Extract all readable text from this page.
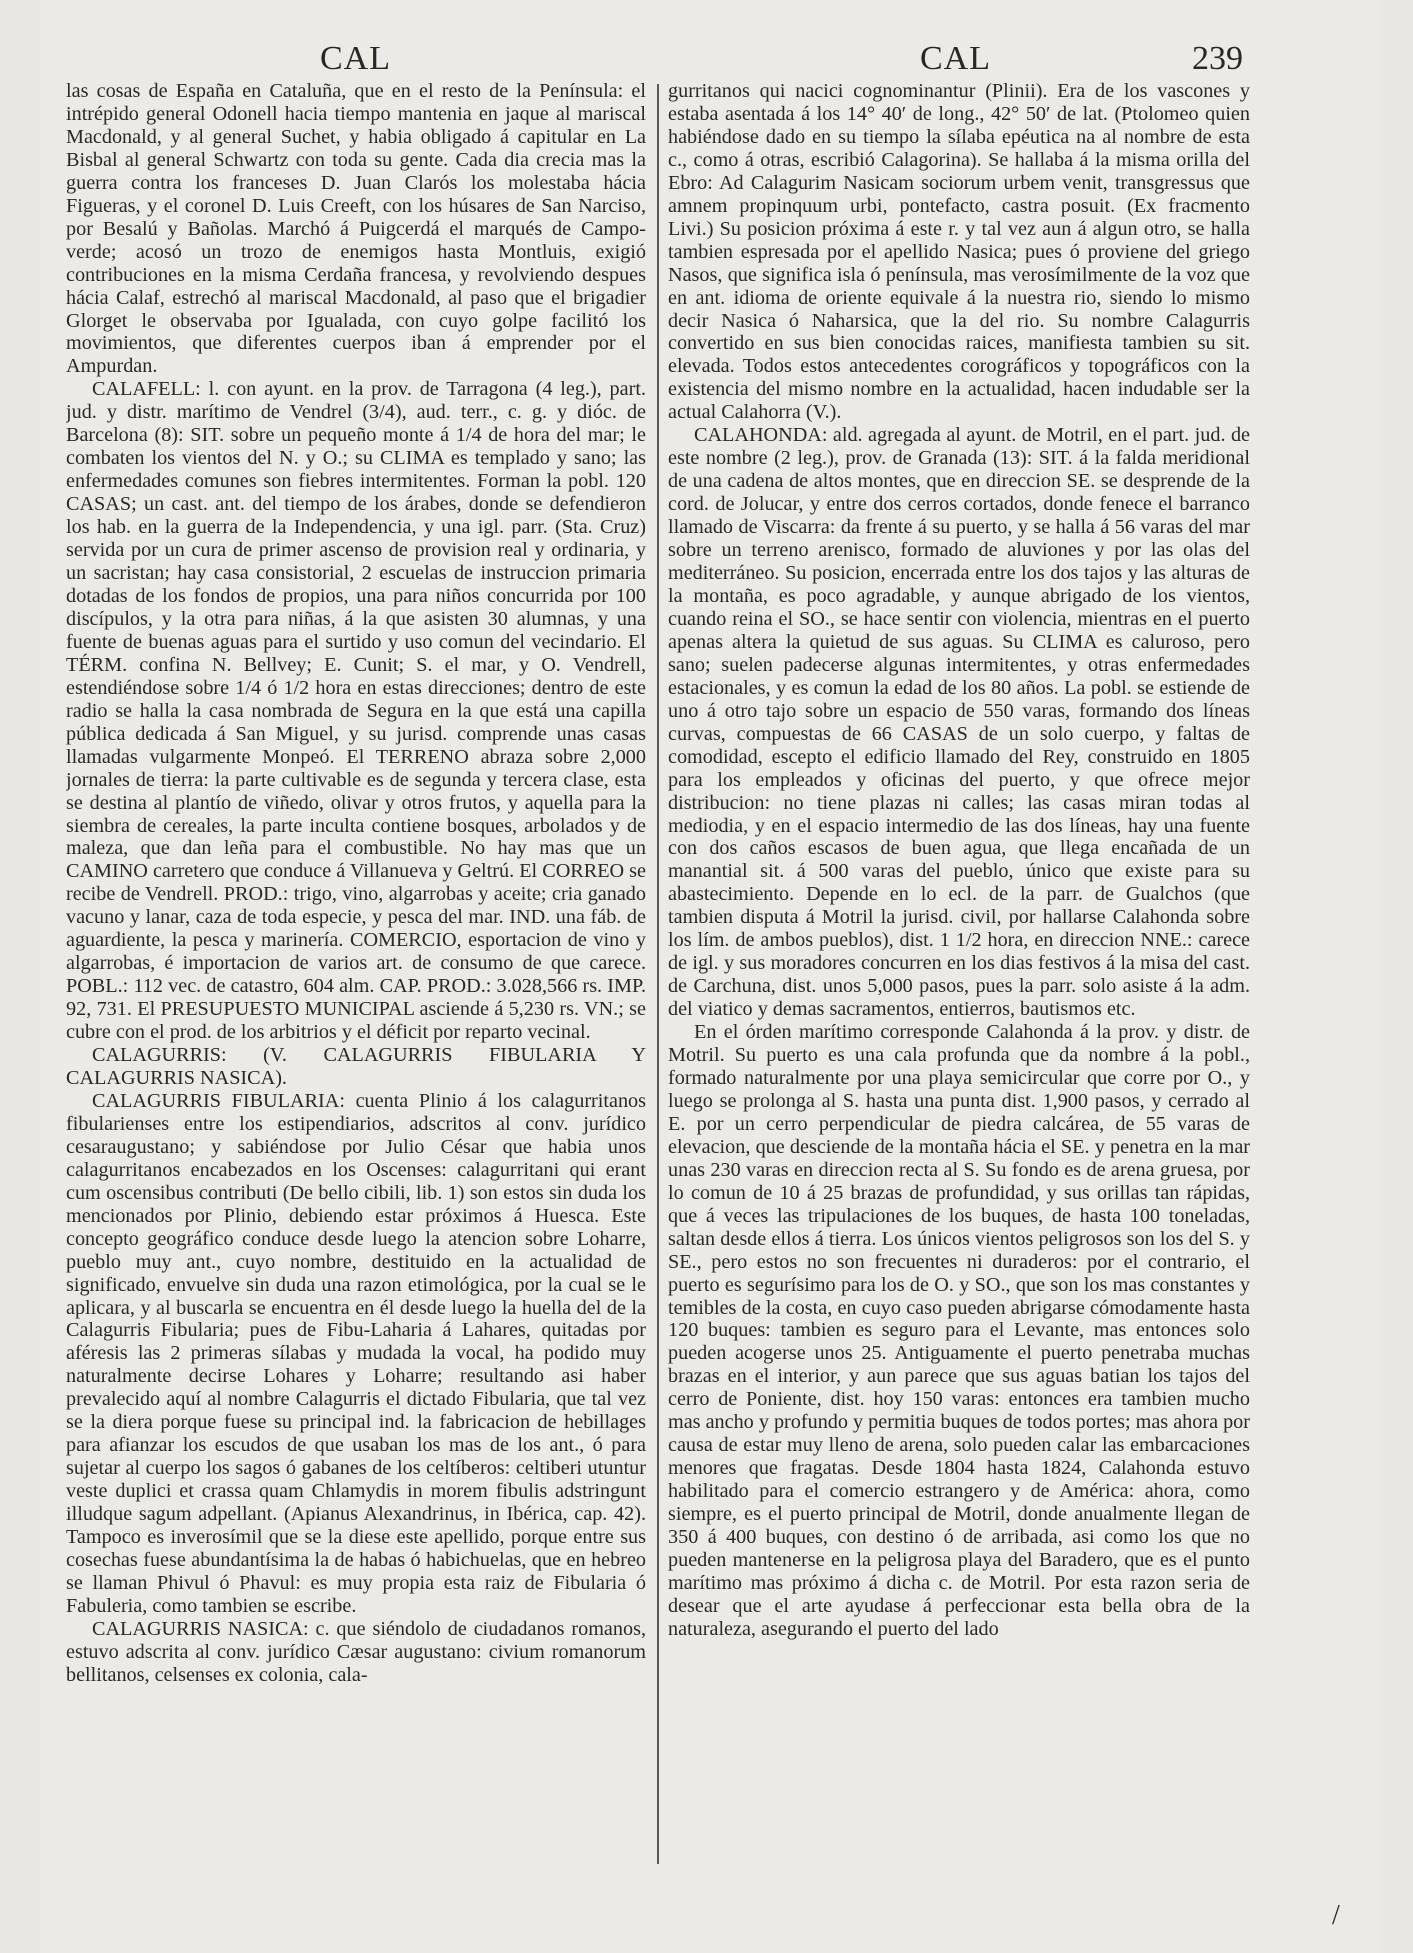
CAL	CAL	239

las cosas de España en Cataluña, que en el resto de la Península: el intrépido general Odonell hacia tiempo mantenia en jaque al mariscal Macdonald, y al general Suchet, y habia obligado á capitular en La Bisbal al general Schwartz con toda su gente. Cada dia crecia mas la guerra contra los franceses D. Juan Clarós los molestaba hácia Figueras, y el coronel D. Luis Creeft, con los húsares de San Narciso, por Besalú y Bañolas. Marchó á Puigcerdá el marqués de Campo-verde; acosó un trozo de enemigos hasta Montluis, exigió contribuciones en la misma Cerdaña francesa, y revolviendo despues hácia Calaf, estrechó al mariscal Macdonald, al paso que el brigadier Glorget le observaba por Igualada, con cuyo golpe facilitó los movimientos, que diferentes cuerpos iban á emprender por el Ampurdan.

CALAFELL: l. con ayunt. en la prov. de Tarragona (4 leg.), part. jud. y distr. marítimo de Vendrel (3/4), aud. terr., c. g. y dióc. de Barcelona (8): SIT. sobre un pequeño monte á 1/4 de hora del mar; le combaten los vientos del N. y O.; su CLIMA es templado y sano; las enfermedades comunes son fiebres intermitentes. Forman la pobl. 120 CASAS; un cast. ant. del tiempo de los árabes, donde se defendieron los hab. en la guerra de la Independencia, y una igl. parr. (Sta. Cruz) servida por un cura de primer ascenso de provision real y ordinaria, y un sacristan; hay casa consistorial, 2 escuelas de instruccion primaria dotadas de los fondos de propios, una para niños concurrida por 100 discípulos, y la otra para niñas, á la que asisten 30 alumnas, y una fuente de buenas aguas para el surtido y uso comun del vecindario. El TÉRM. confina N. Bellvey; E. Cunit; S. el mar, y O. Vendrell, estendiéndose sobre 1/4 ó 1/2 hora en estas direcciones; dentro de este radio se halla la casa nombrada de Segura en la que está una capilla pública dedicada á San Miguel, y su jurisd. comprende unas casas llamadas vulgarmente Monpeó. El TERRENO abraza sobre 2,000 jornales de tierra: la parte cultivable es de segunda y tercera clase, esta se destina al plantío de viñedo, olivar y otros frutos, y aquella para la siembra de cereales, la parte inculta contiene bosques, arbolados y de maleza, que dan leña para el combustible. No hay mas que un CAMINO carretero que conduce á Villanueva y Geltrú. El CORREO se recibe de Vendrell. PROD.: trigo, vino, algarrobas y aceite; cria ganado vacuno y lanar, caza de toda especie, y pesca del mar. IND. una fáb. de aguardiente, la pesca y marinería. COMERCIO, esportacion de vino y algarrobas, é importacion de varios art. de consumo de que carece. POBL.: 112 vec. de catastro, 604 alm. CAP. PROD.: 3.028,566 rs. IMP. 92, 731. El PRESUPUESTO MUNICIPAL asciende á 5,230 rs. VN.; se cubre con el prod. de los arbitrios y el déficit por reparto vecinal.

CALAGURRIS: (V. CALAGURRIS FIBULARIA Y CALAGURRIS NASICA).

CALAGURRIS FIBULARIA: cuenta Plinio á los calagurritanos fibularienses entre los estipendiarios, adscritos al conv. jurídico cesaraugustano; y sabiéndose por Julio César que habia unos calagurritanos encabezados en los Oscenses: calagurritani qui erant cum oscensibus contributi (De bello cibili, lib. 1) son estos sin duda los mencionados por Plinio, debiendo estar próximos á Huesca. Este concepto geográfico conduce desde luego la atencion sobre Loharre, pueblo muy ant., cuyo nombre, destituido en la actualidad de significado, envuelve sin duda una razon etimológica, por la cual se le aplicara, y al buscarla se encuentra en él desde luego la huella del de la Calagurris Fibularia; pues de Fibu-Laharia á Lahares, quitadas por aféresis las 2 primeras sílabas y mudada la vocal, ha podido muy naturalmente decirse Lohares y Loharre; resultando asi haber prevalecido aquí al nombre Calagurris el dictado Fibularia, que tal vez se la diera porque fuese su principal ind. la fabricacion de hebillages para afianzar los escudos de que usaban los mas de los ant., ó para sujetar al cuerpo los sagos ó gabanes de los celtíberos: celtiberi utuntur veste duplici et crassa quam Chlamydis in morem fibulis adstringunt illudque sagum adpellant. (Apianus Alexandrinus, in Ibérica, cap. 42). Tampoco es inverosímil que se la diese este apellido, porque entre sus cosechas fuese abundantísima la de habas ó habichuelas, que en hebreo se llaman Phivul ó Phavul: es muy propia esta raiz de Fibularia ó Fabuleria, como tambien se escribe.

CALAGURRIS NASICA: c. que siéndolo de ciudadanos romanos, estuvo adscrita al conv. jurídico Cæsar augustano: civium romanorum bellitanos, celsenses ex colonia, cala-

gurritanos qui nacici cognominantur (Plinii). Era de los vascones y estaba asentada á los 14° 40′ de long., 42° 50′ de lat. (Ptolomeo quien habiéndose dado en su tiempo la sílaba epéutica na al nombre de esta c., como á otras, escribió Calagorina). Se hallaba á la misma orilla del Ebro: Ad Calagurim Nasicam sociorum urbem venit, transgressus que amnem propinquum urbi, pontefacto, castra posuit. (Ex fracmento Livi.) Su posicion próxima á este r. y tal vez aun á algun otro, se halla tambien espresada por el apellido Nasica; pues ó proviene del griego Nasos, que significa isla ó península, mas verosímilmente de la voz que en ant. idioma de oriente equivale á la nuestra rio, siendo lo mismo decir Nasica ó Naharsica, que la del rio. Su nombre Calagurris convertido en sus bien conocidas raices, manifiesta tambien su sit. elevada. Todos estos antecedentes corográficos y topográficos con la existencia del mismo nombre en la actualidad, hacen indudable ser la actual Calahorra (V.).

CALAHONDA: ald. agregada al ayunt. de Motril, en el part. jud. de este nombre (2 leg.), prov. de Granada (13): SIT. á la falda meridional de una cadena de altos montes, que en direccion SE. se desprende de la cord. de Jolucar, y entre dos cerros cortados, donde fenece el barranco llamado de Viscarra: da frente á su puerto, y se halla á 56 varas del mar sobre un terreno arenisco, formado de aluviones y por las olas del mediterráneo. Su posicion, encerrada entre los dos tajos y las alturas de la montaña, es poco agradable, y aunque abrigado de los vientos, cuando reina el SO., se hace sentir con violencia, mientras en el puerto apenas altera la quietud de sus aguas. Su CLIMA es caluroso, pero sano; suelen padecerse algunas intermitentes, y otras enfermedades estacionales, y es comun la edad de los 80 años. La pobl. se estiende de uno á otro tajo sobre un espacio de 550 varas, formando dos líneas curvas, compuestas de 66 CASAS de un solo cuerpo, y faltas de comodidad, escepto el edificio llamado del Rey, construido en 1805 para los empleados y oficinas del puerto, y que ofrece mejor distribucion: no tiene plazas ni calles; las casas miran todas al mediodia, y en el espacio intermedio de las dos líneas, hay una fuente con dos caños escasos de buen agua, que llega encañada de un manantial sit. á 500 varas del pueblo, único que existe para su abastecimiento. Depende en lo ecl. de la parr. de Gualchos (que tambien disputa á Motril la jurisd. civil, por hallarse Calahonda sobre los lím. de ambos pueblos), dist. 1 1/2 hora, en direccion NNE.: carece de igl. y sus moradores concurren en los dias festivos á la misa del cast. de Carchuna, dist. unos 5,000 pasos, pues la parr. solo asiste á la adm. del viatico y demas sacramentos, entierros, bautismos etc.

En el órden marítimo corresponde Calahonda á la prov. y distr. de Motril. Su puerto es una cala profunda que da nombre á la pobl., formado naturalmente por una playa semicircular que corre por O., y luego se prolonga al S. hasta una punta dist. 1,900 pasos, y cerrado al E. por un cerro perpendicular de piedra calcárea, de 55 varas de elevacion, que desciende de la montaña hácia el SE. y penetra en la mar unas 230 varas en direccion recta al S. Su fondo es de arena gruesa, por lo comun de 10 á 25 brazas de profundidad, y sus orillas tan rápidas, que á veces las tripulaciones de los buques, de hasta 100 toneladas, saltan desde ellos á tierra. Los únicos vientos peligrosos son los del S. y SE., pero estos no son frecuentes ni duraderos: por el contrario, el puerto es segurísimo para los de O. y SO., que son los mas constantes y temibles de la costa, en cuyo caso pueden abrigarse cómodamente hasta 120 buques: tambien es seguro para el Levante, mas entonces solo pueden acogerse unos 25. Antiguamente el puerto penetraba muchas brazas en el interior, y aun parece que sus aguas batian los tajos del cerro de Poniente, dist. hoy 150 varas: entonces era tambien mucho mas ancho y profundo y permitia buques de todos portes; mas ahora por causa de estar muy lleno de arena, solo pueden calar las embarcaciones menores que fragatas. Desde 1804 hasta 1824, Calahonda estuvo habilitado para el comercio estrangero y de América: ahora, como siempre, es el puerto principal de Motril, donde anualmente llegan de 350 á 400 buques, con destino ó de arribada, asi como los que no pueden mantenerse en la peligrosa playa del Baradero, que es el punto marítimo mas próximo á dicha c. de Motril. Por esta razon seria de desear que el arte ayudase á perfeccionar esta bella obra de la naturaleza, asegurando el puerto del lado

/
